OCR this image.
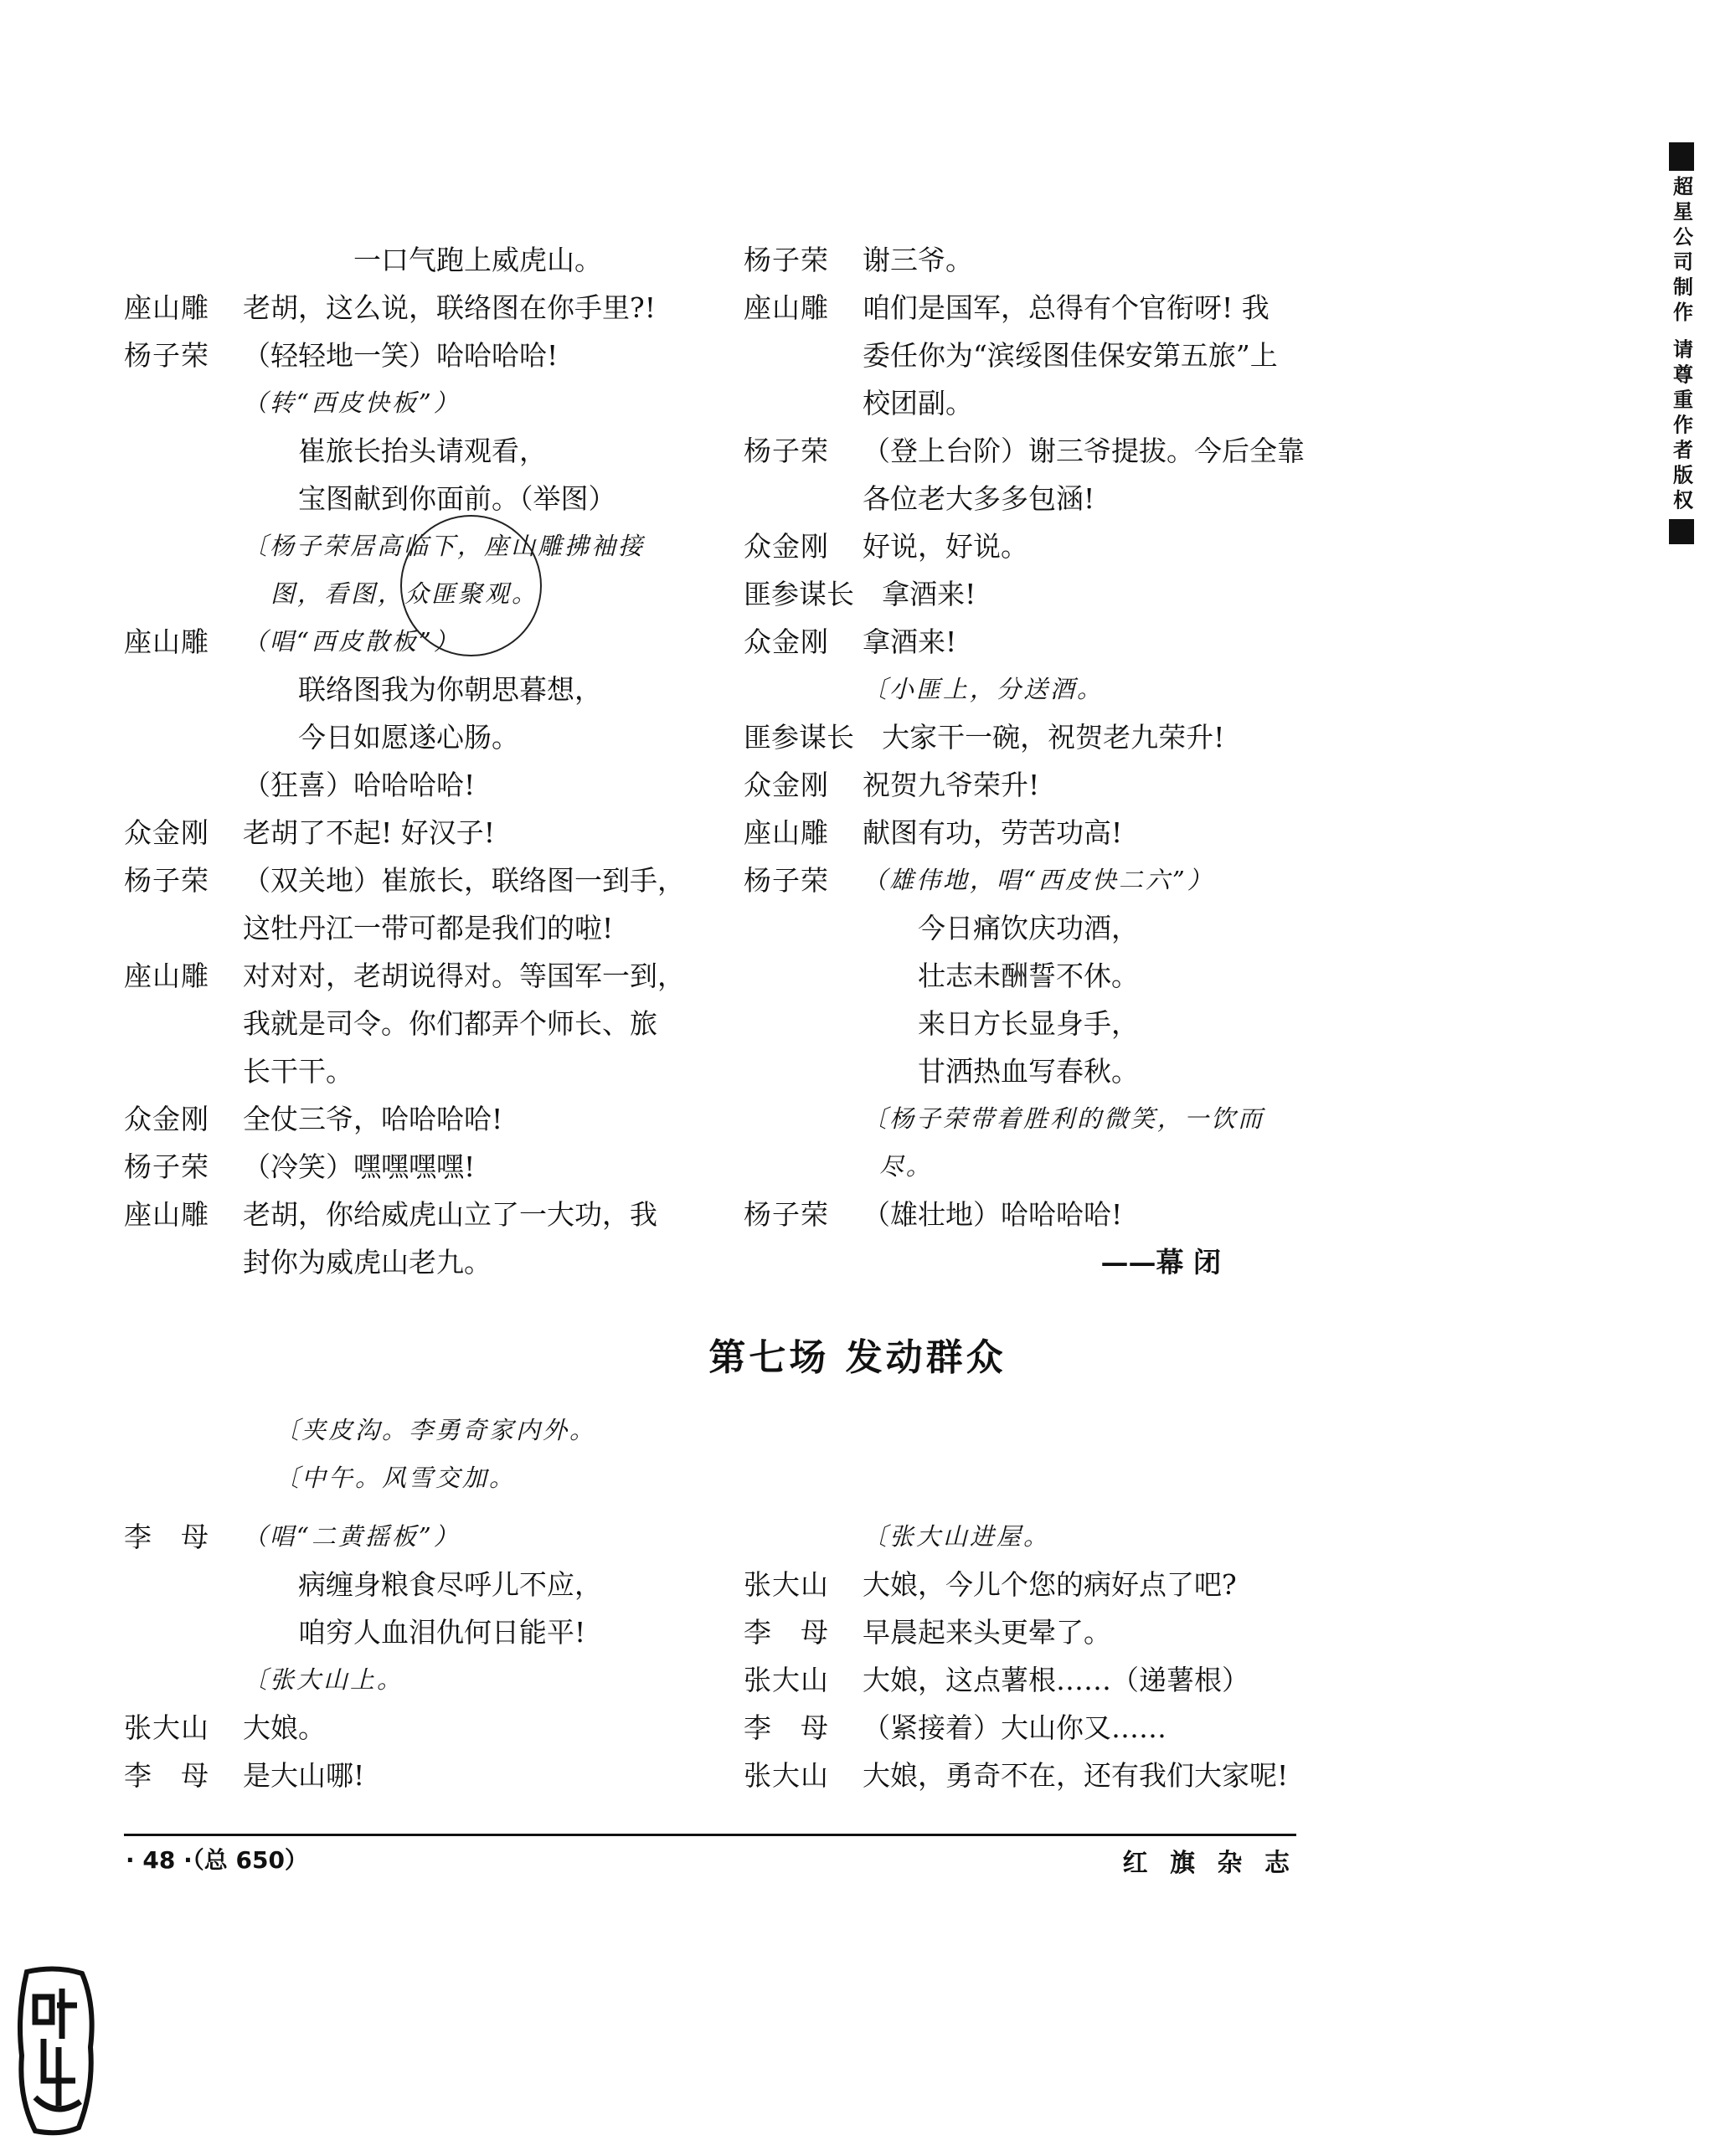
超星公司制作 请尊重作者版权
一口气跑上威虎山。
座山雕 老胡，这么说，联络图在你手里?!
杨子荣 （轻轻地一笑）哈哈哈哈!
（转“西皮快板”）
崔旅长抬头请观看，
宝图献到你面前。（举图）
〔杨子荣居高临下，座山雕拂袖接
图，看图，众匪聚观。
座山雕 （唱“西皮散板”）
联络图我为你朝思暮想，
今日如愿遂心肠。
（狂喜）哈哈哈哈!
众金刚 老胡了不起! 好汉子!
杨子荣 （双关地）崔旅长，联络图一到手，
这牡丹江一带可都是我们的啦!
座山雕 对对对，老胡说得对。等国军一到，
我就是司令。你们都弄个师长、旅
长干干。
众金刚 全仗三爷，哈哈哈哈!
杨子荣 （冷笑）嘿嘿嘿嘿!
座山雕 老胡，你给威虎山立了一大功，我
封你为威虎山老九。
杨子荣 谢三爷。
座山雕 咱们是国军，总得有个官衔呀! 我
委任你为“滨绥图佳保安第五旅”上
校团副。
杨子荣 （登上台阶）谢三爷提拔。今后全靠
各位老大多多包涵!
众金刚 好说，好说。
匪参谋长 拿酒来!
众金刚 拿酒来!
〔小匪上，分送酒。
匪参谋长 大家干一碗，祝贺老九荣升!
众金刚 祝贺九爷荣升!
座山雕 献图有功，劳苦功高!
杨子荣 （雄伟地，唱“西皮快二六”）
今日痛饮庆功酒，
壮志未酬誓不休。
来日方长显身手，
甘洒热血写春秋。
〔杨子荣带着胜利的微笑，一饮而
尽。
杨子荣 （雄壮地）哈哈哈哈!
——幕 闭
第七场 发动群众
〔夹皮沟。李勇奇家内外。
〔中午。风雪交加。
李　母 （唱“二黄摇板”）
病缠身粮食尽呼儿不应，
咱穷人血泪仇何日能平!
〔张大山上。
张大山 大娘。
李　母 是大山哪!
〔张大山进屋。
张大山 大娘，今儿个您的病好点了吧?
李　母 早晨起来头更晕了。
张大山 大娘，这点薯根……（递薯根）
李　母 （紧接着）大山你又……
张大山 大娘，勇奇不在，还有我们大家呢!
· 48 ·（总 650）	红 旗 杂 志
